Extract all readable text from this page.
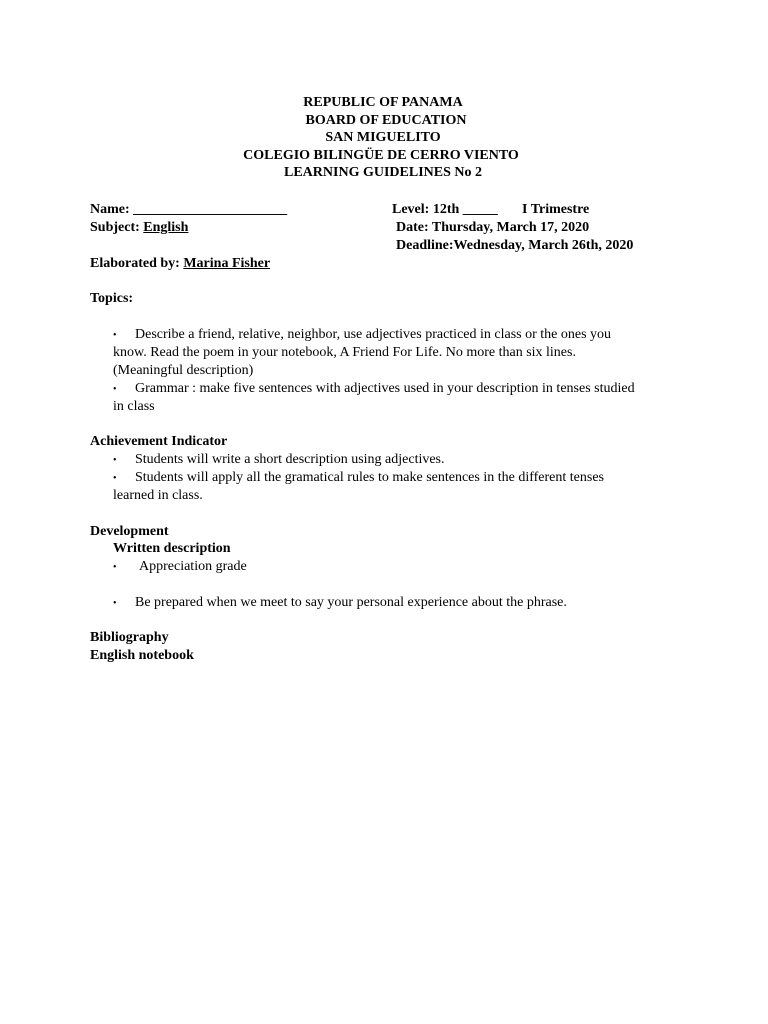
REPUBLIC OF PANAMA
BOARD OF EDUCATION
SAN MIGUELITO
COLEGIO BILINGÜE DE CERRO VIENTO
LEARNING GUIDELINES No 2
Name: ______________________	Level: 12th _____ I Trimestre
Subject: English	Date: Thursday, March 17, 2020
Deadline:Wednesday, March 26th, 2020
Elaborated by: Marina Fisher
Topics:
• Describe a friend, relative, neighbor, use adjectives practiced in class or the ones you
know. Read the poem in your notebook, A Friend For Life. No more than six lines.
(Meaningful description)
• Grammar : make five sentences with adjectives used in your description in tenses studied
in class
Achievement Indicator
• Students will write a short description using adjectives.
• Students will apply all the gramatical rules to make sentences in the different tenses
learned in class.
Development
Written description
• Appreciation grade
• Be prepared when we meet to say your personal experience about the phrase.
Bibliography
English notebook
